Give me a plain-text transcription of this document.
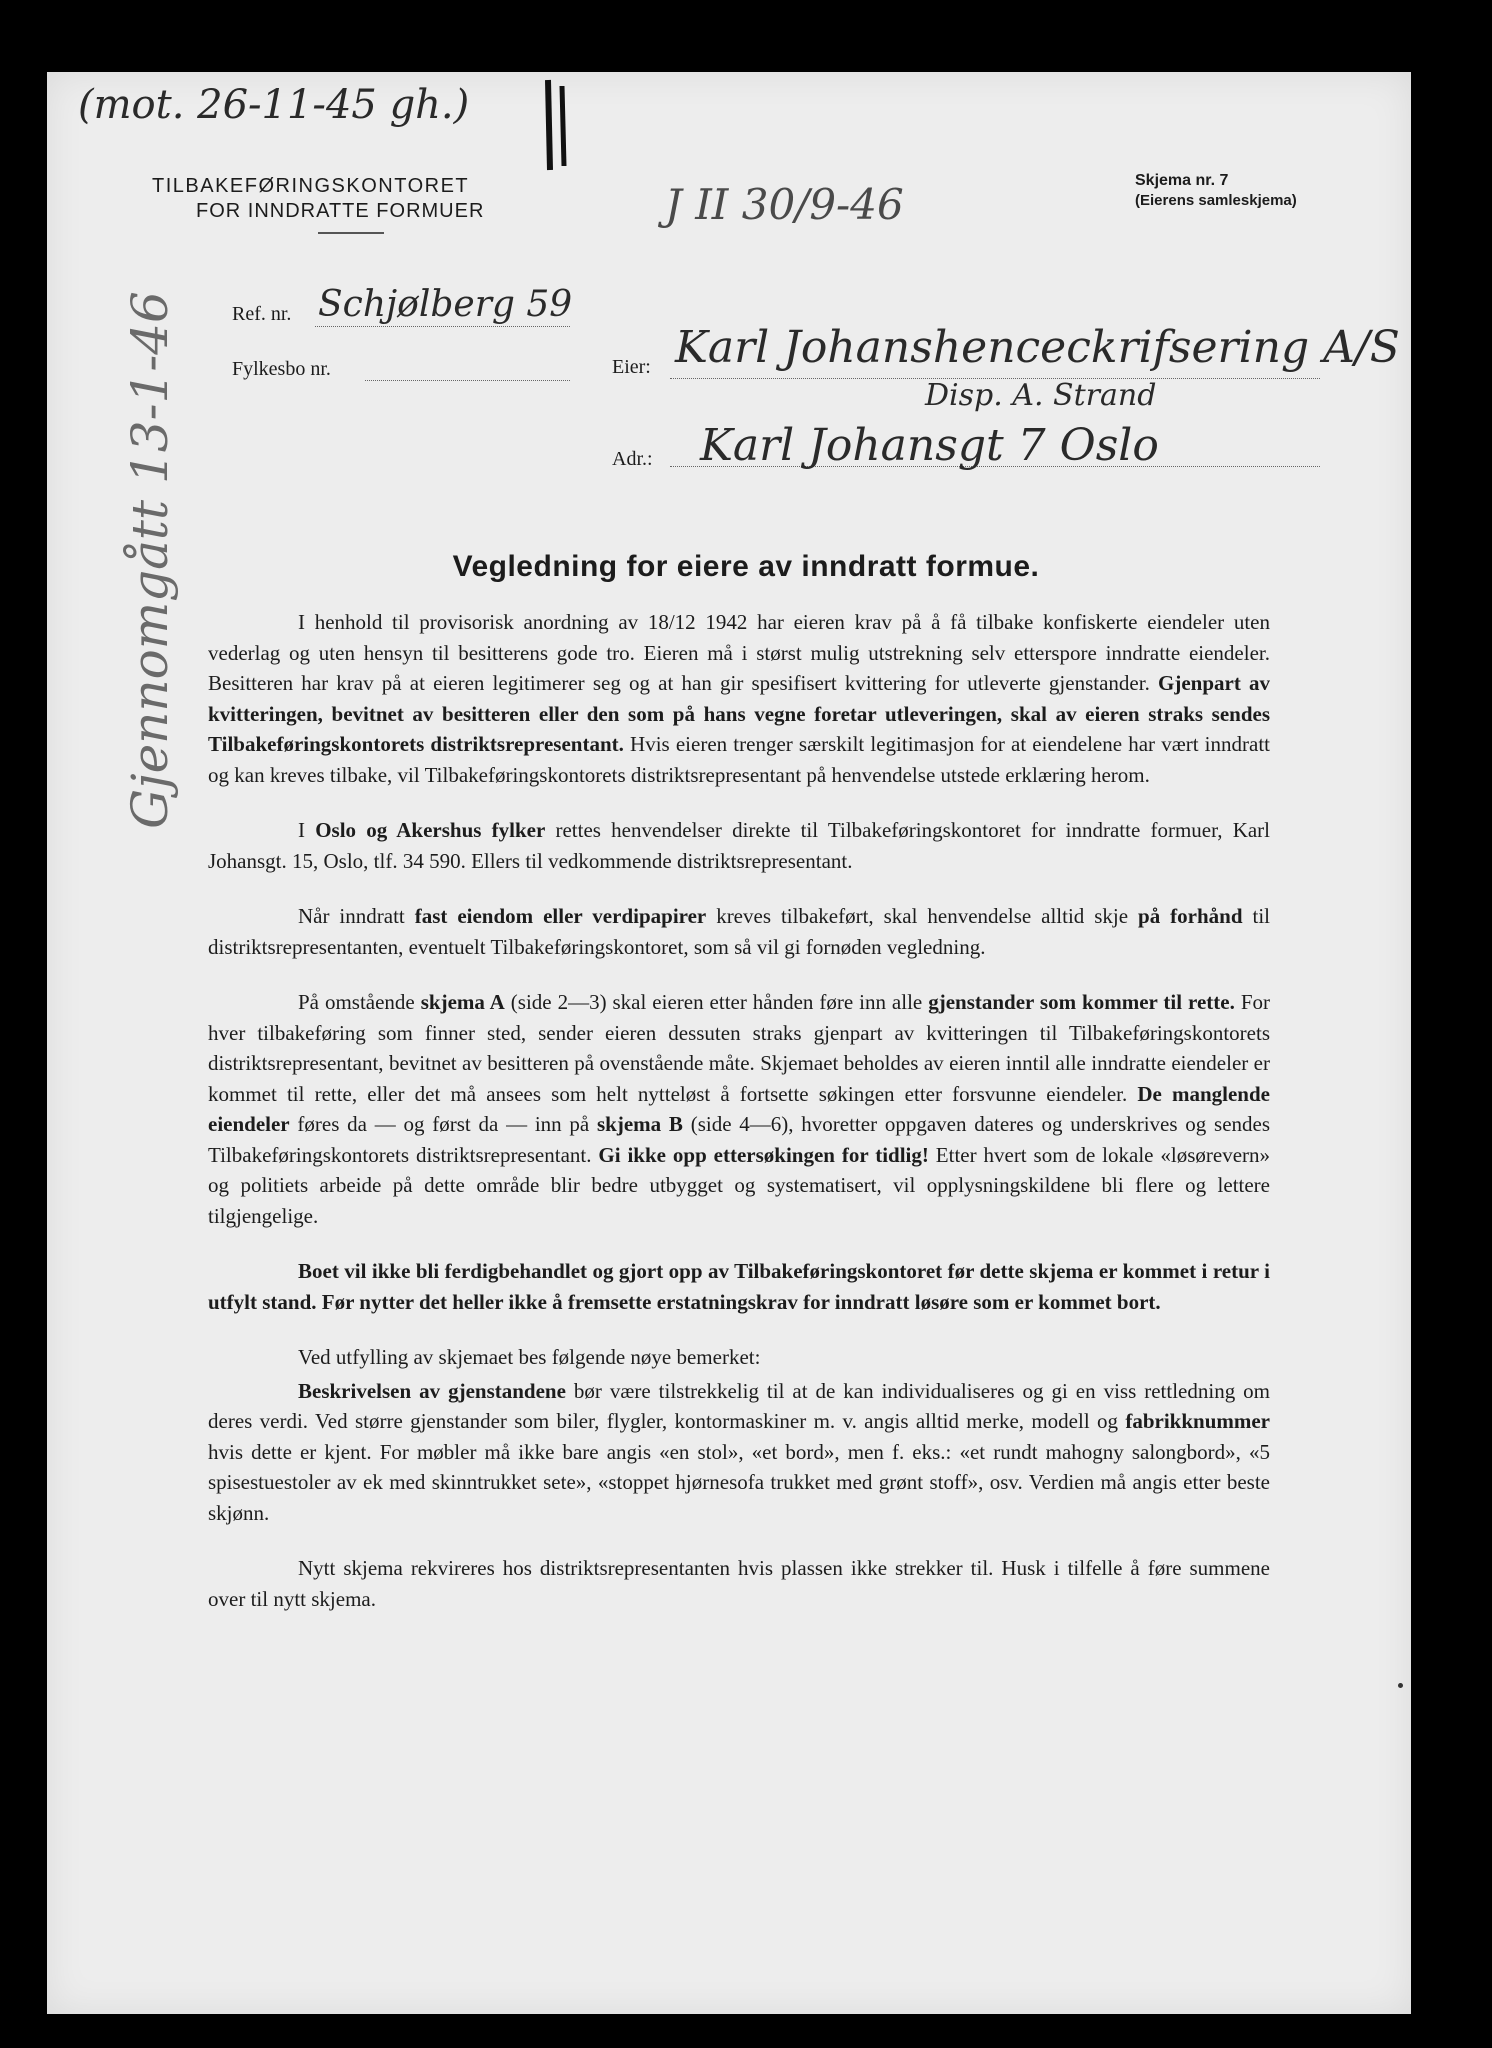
(mot. 26-11-45 gh.)
TILBAKEFØRINGSKONTORET
FOR INNDRATTE FORMUER	J II 30/9-46	Skjema nr. 7
(Eierens samleskjema)
Gjennomgått 13-1-46	Ref. nr. Schjølberg 59
Fylkesbo nr.	Eier: Karl Johanshenceckrifsering A/S
Disp. A. Strand
Adr.: Karl Johansgt 7 Oslo
Vegledning for eiere av inndratt formue.

I henhold til provisorisk anordning av 18/12 1942 har eieren krav på å få tilbake konfiskerte eiendeler uten vederlag og uten hensyn til besitterens gode tro. Eieren må i størst mulig utstrekning selv etterspore inndratte eiendeler. Besitteren har krav på at eieren legitimerer seg og at han gir spesifisert kvittering for utleverte gjenstander. Gjenpart av kvitteringen, bevitnet av besitteren eller den som på hans vegne foretar utleveringen, skal av eieren straks sendes Tilbakeføringskontorets distriktsrepresentant. Hvis eieren trenger særskilt legitimasjon for at eiendelene har vært inndratt og kan kreves tilbake, vil Tilbakeføringskontorets distriktsrepresentant på henvendelse utstede erklæring herom.

I Oslo og Akershus fylker rettes henvendelser direkte til Tilbakeføringskontoret for inndratte formuer, Karl Johansgt. 15, Oslo, tlf. 34 590. Ellers til vedkommende distriktsrepresentant.

Når inndratt fast eiendom eller verdipapirer kreves tilbakeført, skal henvendelse alltid skje på forhånd til distriktsrepresentanten, eventuelt Tilbakeføringskontoret, som så vil gi fornøden vegledning.

På omstående skjema A (side 2—3) skal eieren etter hånden føre inn alle gjenstander som kommer til rette. For hver tilbakeføring som finner sted, sender eieren dessuten straks gjenpart av kvitteringen til Tilbakeføringskontorets distriktsrepresentant, bevitnet av besitteren på ovenstående måte. Skjemaet beholdes av eieren inntil alle inndratte eiendeler er kommet til rette, eller det må ansees som helt nytteløst å fortsette søkingen etter forsvunne eiendeler. De manglende eiendeler føres da — og først da — inn på skjema B (side 4—6), hvoretter oppgaven dateres og underskrives og sendes Tilbakeføringskontorets distriktsrepresentant. Gi ikke opp ettersøkingen for tidlig! Etter hvert som de lokale «løsørevern» og politiets arbeide på dette område blir bedre utbygget og systematisert, vil opplysningskildene bli flere og lettere tilgjengelige.

Boet vil ikke bli ferdigbehandlet og gjort opp av Tilbakeføringskontoret før dette skjema er kommet i retur i utfylt stand. Før nytter det heller ikke å fremsette erstatningskrav for inndratt løsøre som er kommet bort.

Ved utfylling av skjemaet bes følgende nøye bemerket:

Beskrivelsen av gjenstandene bør være tilstrekkelig til at de kan individualiseres og gi en viss rettledning om deres verdi. Ved større gjenstander som biler, flygler, kontormaskiner m. v. angis alltid merke, modell og fabrikknummer hvis dette er kjent. For møbler må ikke bare angis «en stol», «et bord», men f. eks.: «et rundt mahogny salongbord», «5 spisestuestoler av ek med skinntrukket sete», «stoppet hjørnesofa trukket med grønt stoff», osv. Verdien må angis etter beste skjønn.

Nytt skjema rekvireres hos distriktsrepresentanten hvis plassen ikke strekker til. Husk i tilfelle å føre summene over til nytt skjema.
